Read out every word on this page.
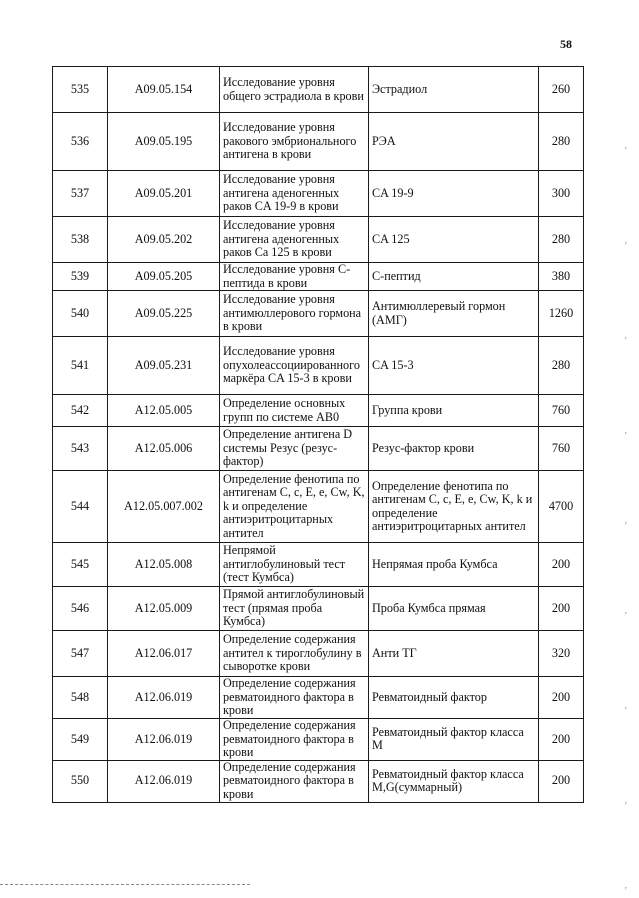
58
535	A09.05.154	Исследование уровня общего эстрадиола в крови	Эстрадиол	260
536	A09.05.195	Исследование уровня ракового эмбрионального антигена в крови	РЭА	280
537	A09.05.201	Исследование уровня антигена аденогенных раков CA 19-9 в крови	CA 19-9	300
538	A09.05.202	Исследование уровня антигена аденогенных раков Ca 125 в крови	CA 125	280
539	A09.05.205	Исследование уровня С-пептида в крови	С-пептид	380
540	A09.05.225	Исследование уровня антимюллерового гормона в крови	Антимюллеревый гормон (АМГ)	1260
541	A09.05.231	Исследование уровня опухолеассоциированного маркёра CA 15-3 в крови	CA 15-3	280
542	A12.05.005	Определение основных групп по системе AB0	Группа крови	760
543	A12.05.006	Определение антигена D системы Резус (резус-фактор)	Резус-фактор крови	760
544	A12.05.007.002	Определение фенотипа по антигенам C, c, E, e, Cw, K, k и определение антиэритроцитарных антител	Определение фенотипа по антигенам C, c, E, e, Cw, K, k и определение антиэритроцитарных антител	4700
545	A12.05.008	Непрямой антиглобулиновый тест (тест Кумбса)	Непрямая проба Кумбса	200
546	A12.05.009	Прямой антиглобулиновый тест (прямая проба Кумбса)	Проба Кумбса прямая	200
547	A12.06.017	Определение содержания антител к тироглобулину в сыворотке крови	Анти ТГ	320
548	A12.06.019	Определение содержания ревматоидного фактора в крови	Ревматоидный фактор	200
549	A12.06.019	Определение содержания ревматоидного фактора в крови	Ревматоидный фактор класса M	200
550	A12.06.019	Определение содержания ревматоидного фактора в крови	Ревматоидный фактор класса M,G(суммарный)	200
‚
‚
‚
‚
‚
‚
‚
‚
‚
